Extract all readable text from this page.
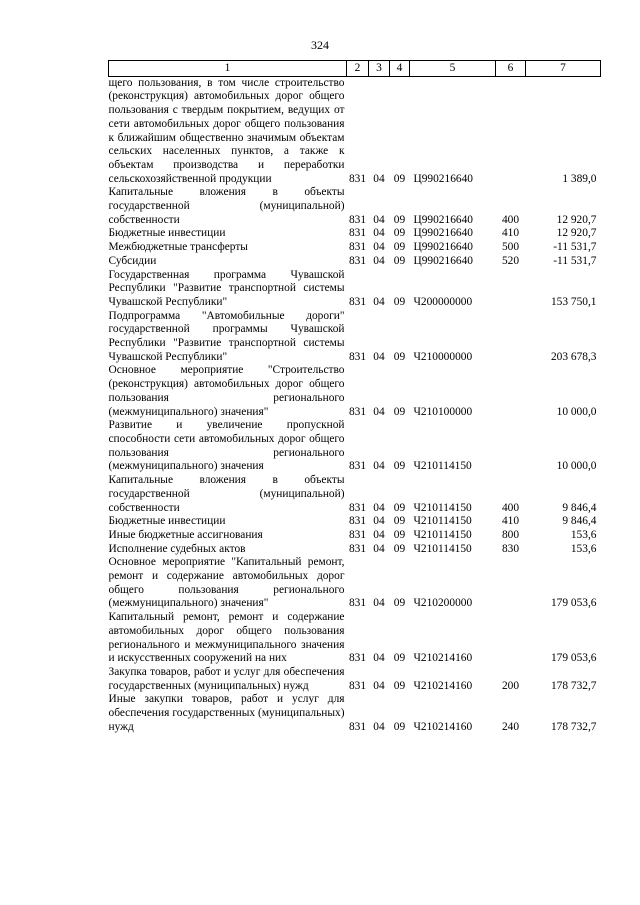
324
1	2	3	4	5	6	7
щего пользования, в том числе строительство (реконструкция) автомобильных дорог общего пользования с твердым покрытием, ведущих от сети автомобильных дорог общего пользования к ближайшим общественно значимым объектам сельских населенных пунктов, а также к объектам производства и переработки сельскохозяйственной продукции	831	04	09	Ц990216640		1 389,0
Капитальные вложения в объекты государственной (муниципальной) собственности	831	04	09	Ц990216640	400	12 920,7
Бюджетные инвестиции	831	04	09	Ц990216640	410	12 920,7
Межбюджетные трансферты	831	04	09	Ц990216640	500	-11 531,7
Субсидии	831	04	09	Ц990216640	520	-11 531,7
Государственная программа Чувашской Республики "Развитие транспортной системы Чувашской Республики"	831	04	09	Ч200000000		153 750,1
Подпрограмма "Автомобильные дороги" государственной программы Чувашской Республики "Развитие транспортной системы Чувашской Республики"	831	04	09	Ч210000000		203 678,3
Основное мероприятие "Строительство (реконструкция) автомобильных дорог общего пользования регионального (межмуниципального) значения"	831	04	09	Ч210100000		10 000,0
Развитие и увеличение пропускной способности сети автомобильных дорог общего пользования регионального (межмуниципального) значения	831	04	09	Ч210114150		10 000,0
Капитальные вложения в объекты государственной (муниципальной) собственности	831	04	09	Ч210114150	400	9 846,4
Бюджетные инвестиции	831	04	09	Ч210114150	410	9 846,4
Иные бюджетные ассигнования	831	04	09	Ч210114150	800	153,6
Исполнение судебных актов	831	04	09	Ч210114150	830	153,6
Основное мероприятие "Капитальный ремонт, ремонт и содержание автомобильных дорог общего пользования регионального (межмуниципального) значения"	831	04	09	Ч210200000		179 053,6
Капитальный ремонт, ремонт и содержание автомобильных дорог общего пользования регионального и межмуниципального значения и искусственных сооружений на них	831	04	09	Ч210214160		179 053,6
Закупка товаров, работ и услуг для обеспечения государственных (муниципальных) нужд	831	04	09	Ч210214160	200	178 732,7
Иные закупки товаров, работ и услуг для обеспечения государственных (муниципальных) нужд	831	04	09	Ч210214160	240	178 732,7
